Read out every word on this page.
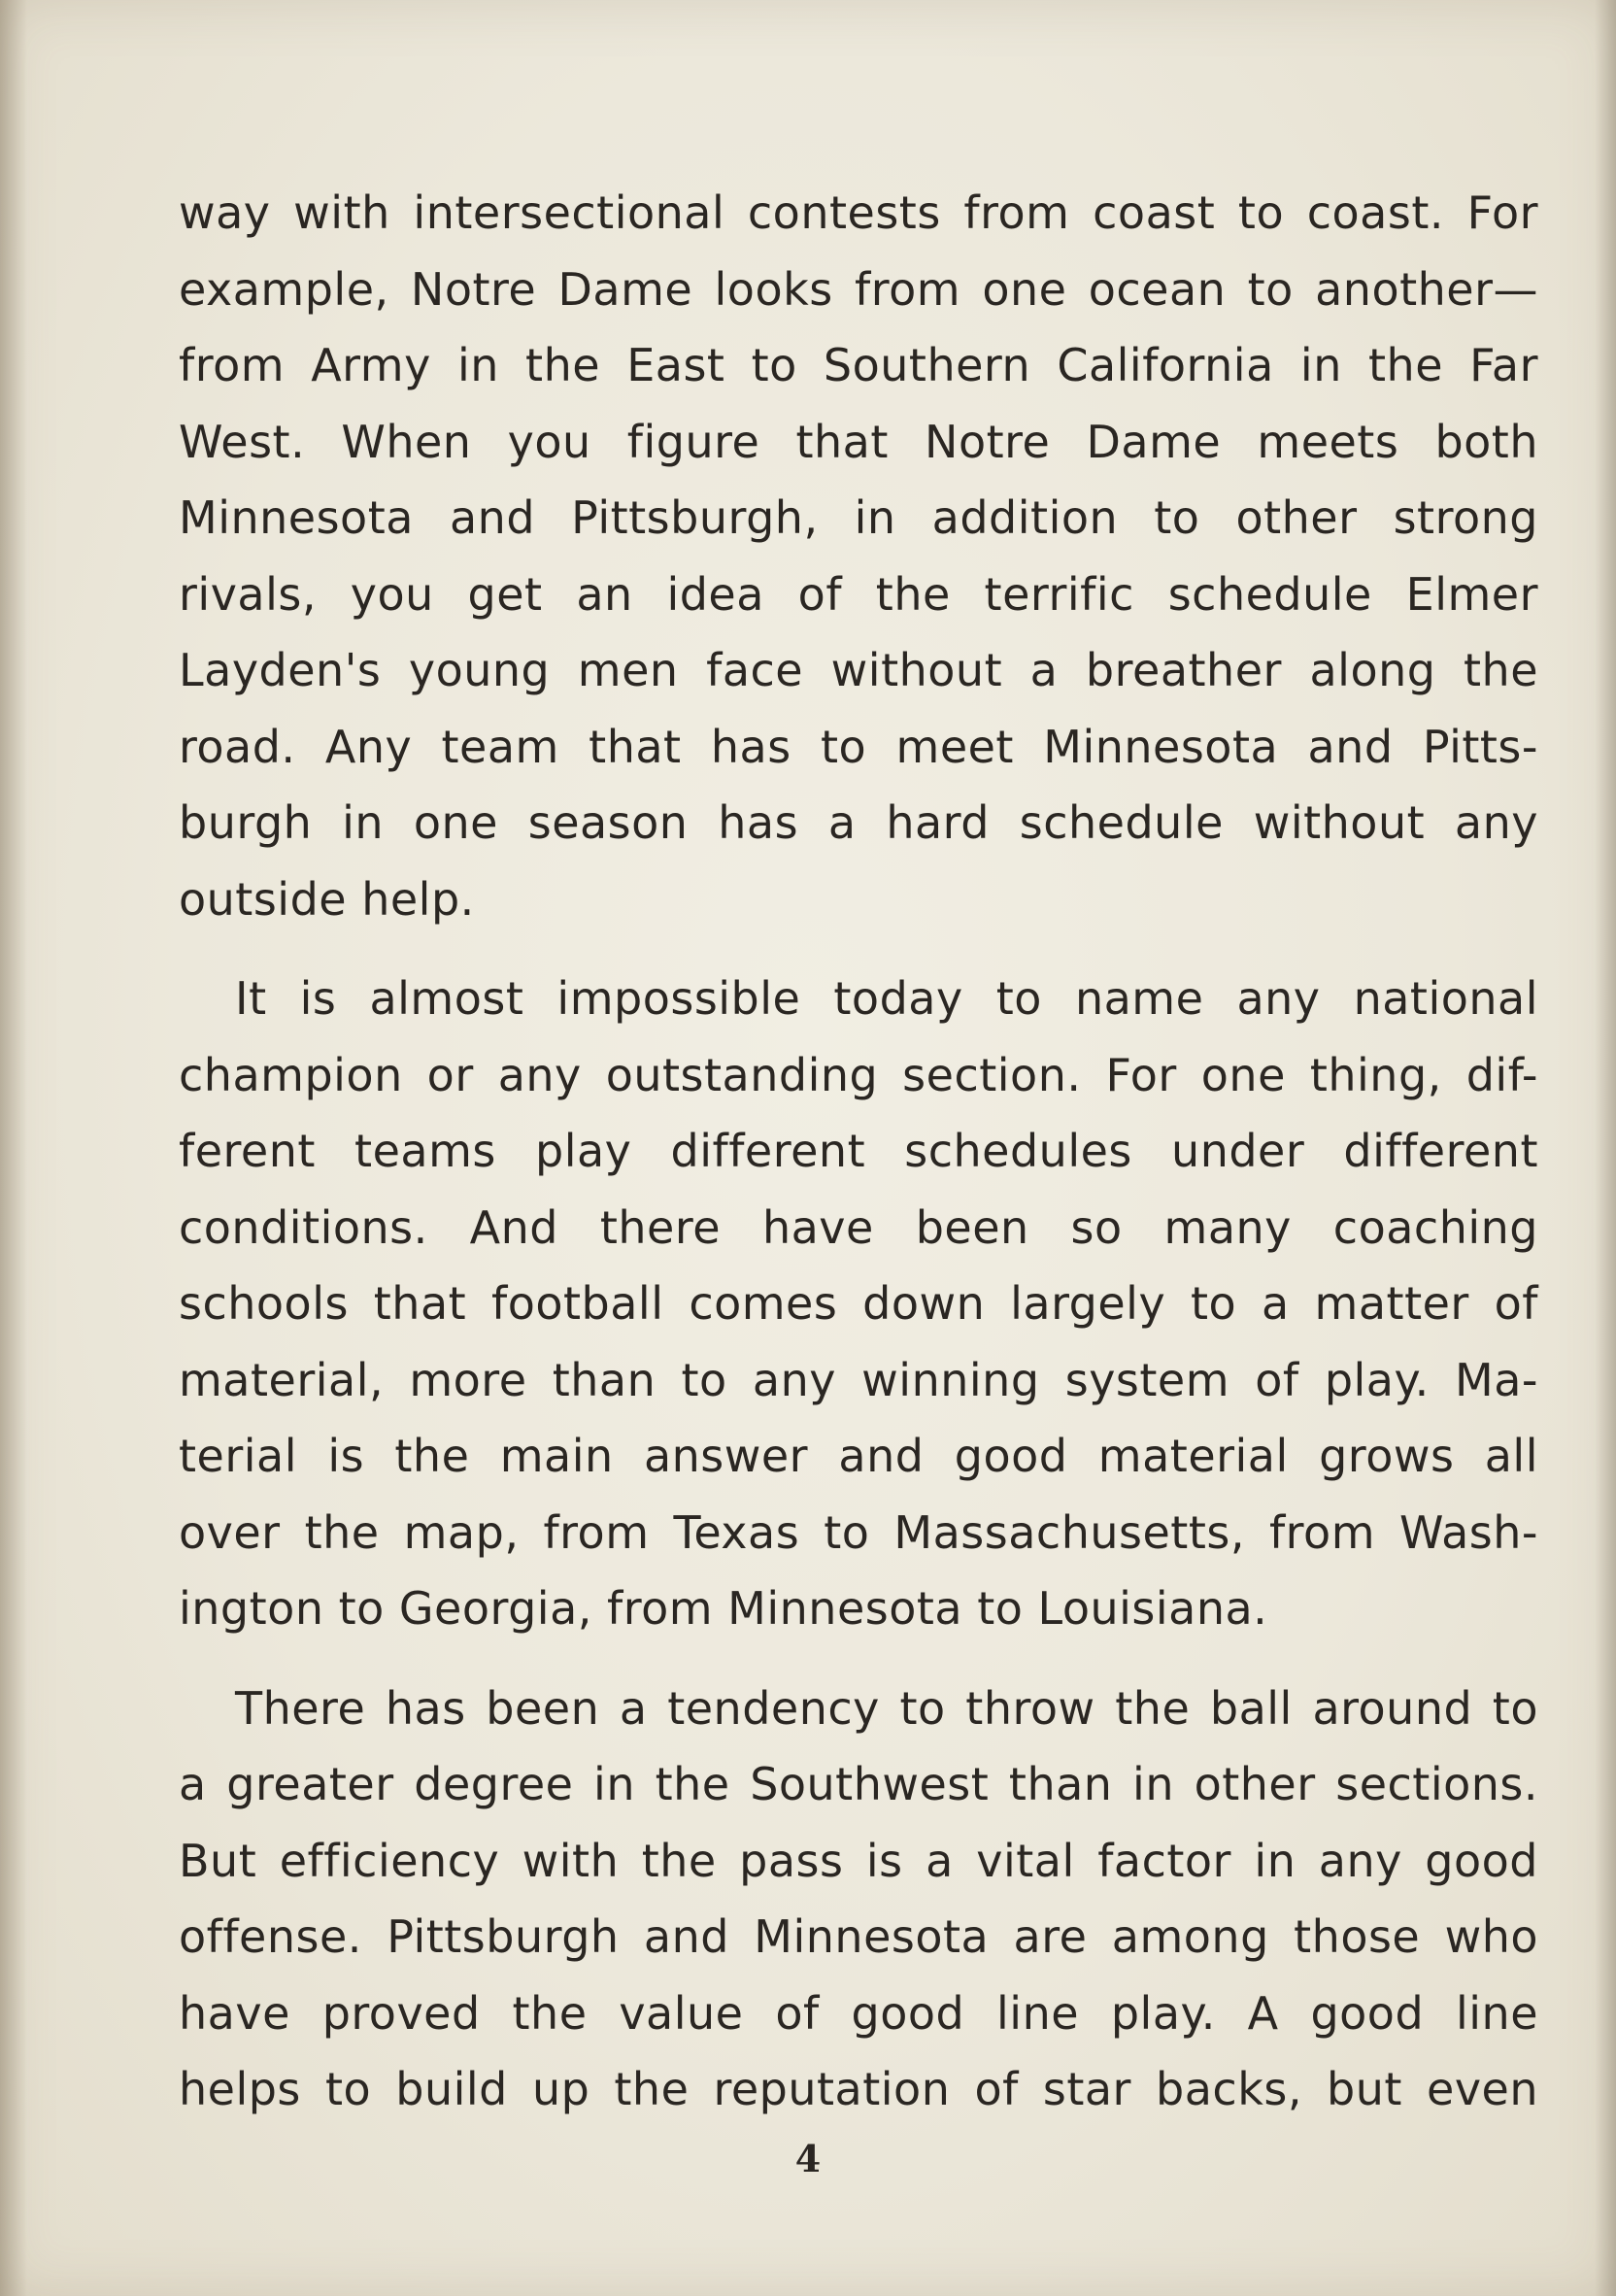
way with intersectional contests from coast to coast. For
example, Notre Dame looks from one ocean to another—
from Army in the East to Southern California in the Far
West. When you figure that Notre Dame meets both
Minnesota and Pittsburgh, in addition to other strong
rivals, you get an idea of the terrific schedule Elmer
Layden's young men face without a breather along the
road. Any team that has to meet Minnesota and Pitts-
burgh in one season has a hard schedule without any
outside help.
It is almost impossible today to name any national
champion or any outstanding section. For one thing, dif-
ferent teams play different schedules under different
conditions. And there have been so many coaching
schools that football comes down largely to a matter of
material, more than to any winning system of play. Ma-
terial is the main answer and good material grows all
over the map, from Texas to Massachusetts, from Wash-
ington to Georgia, from Minnesota to Louisiana.
There has been a tendency to throw the ball around to
a greater degree in the Southwest than in other sections.
But efficiency with the pass is a vital factor in any good
offense. Pittsburgh and Minnesota are among those who
have proved the value of good line play. A good line
helps to build up the reputation of star backs, but even
4
